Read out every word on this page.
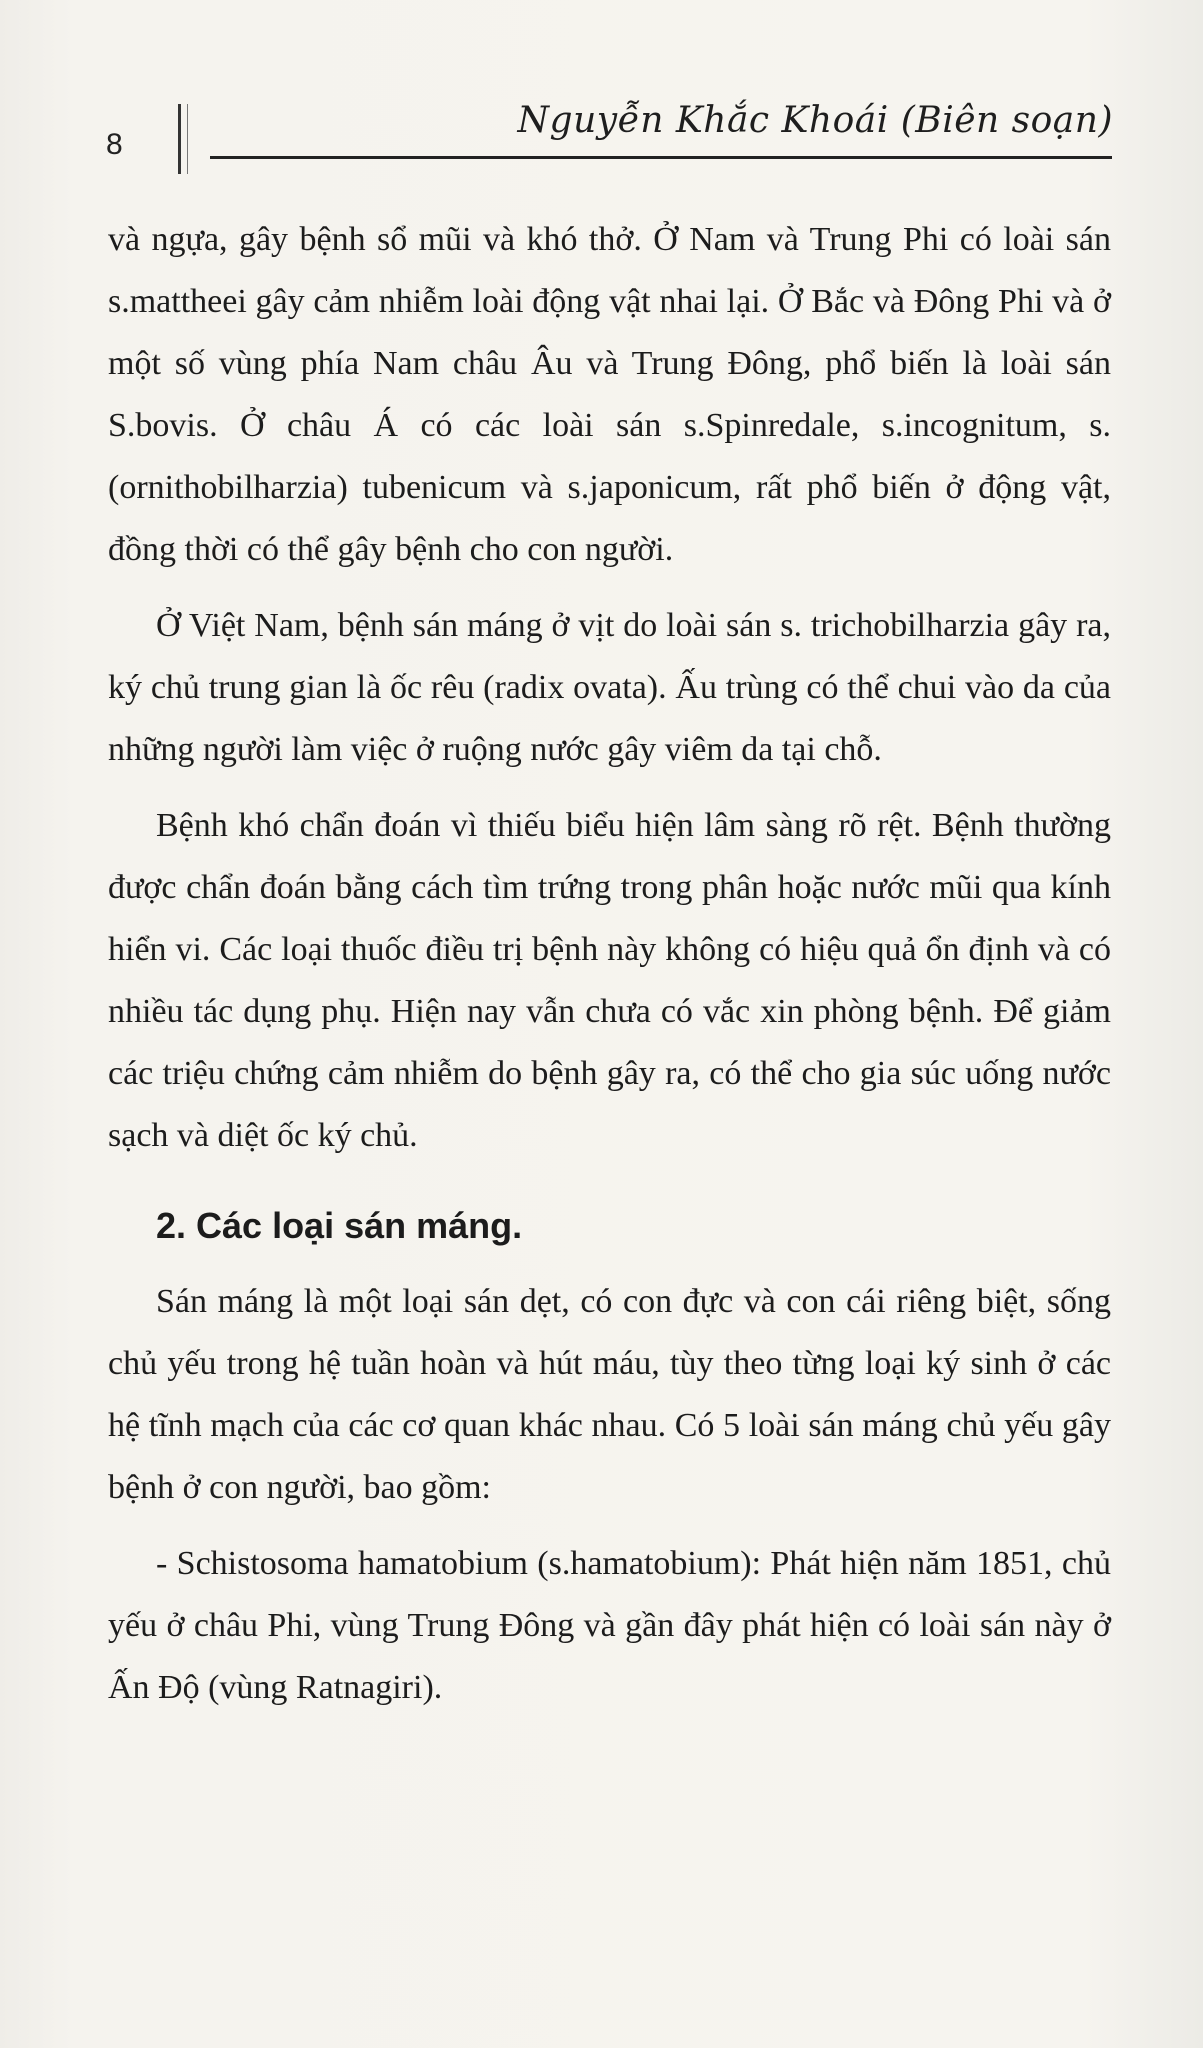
8
Nguyễn Khắc Khoái (Biên soạn)

và ngựa, gây bệnh sổ mũi và khó thở. Ở Nam và Trung Phi có loài sán s.mattheei gây cảm nhiễm loài động vật nhai lại. Ở Bắc và Đông Phi và ở một số vùng phía Nam châu Âu và Trung Đông, phổ biến là loài sán S.bovis. Ở châu Á có các loài sán s.Spinredale, s.incognitum, s.(ornithobilharzia) tubenicum và s.japonicum, rất phổ biến ở động vật, đồng thời có thể gây bệnh cho con người.

Ở Việt Nam, bệnh sán máng ở vịt do loài sán s. trichobilharzia gây ra, ký chủ trung gian là ốc rêu (radix ovata). Ấu trùng có thể chui vào da của những người làm việc ở ruộng nước gây viêm da tại chỗ.

Bệnh khó chẩn đoán vì thiếu biểu hiện lâm sàng rõ rệt. Bệnh thường được chẩn đoán bằng cách tìm trứng trong phân hoặc nước mũi qua kính hiển vi. Các loại thuốc điều trị bệnh này không có hiệu quả ổn định và có nhiều tác dụng phụ. Hiện nay vẫn chưa có vắc xin phòng bệnh. Để giảm các triệu chứng cảm nhiễm do bệnh gây ra, có thể cho gia súc uống nước sạch và diệt ốc ký chủ.

2. Các loại sán máng.

Sán máng là một loại sán dẹt, có con đực và con cái riêng biệt, sống chủ yếu trong hệ tuần hoàn và hút máu, tùy theo từng loại ký sinh ở các hệ tĩnh mạch của các cơ quan khác nhau. Có 5 loài sán máng chủ yếu gây bệnh ở con người, bao gồm:

- Schistosoma hamatobium (s.hamatobium): Phát hiện năm 1851, chủ yếu ở châu Phi, vùng Trung Đông và gần đây phát hiện có loài sán này ở Ấn Độ (vùng Ratnagiri).
